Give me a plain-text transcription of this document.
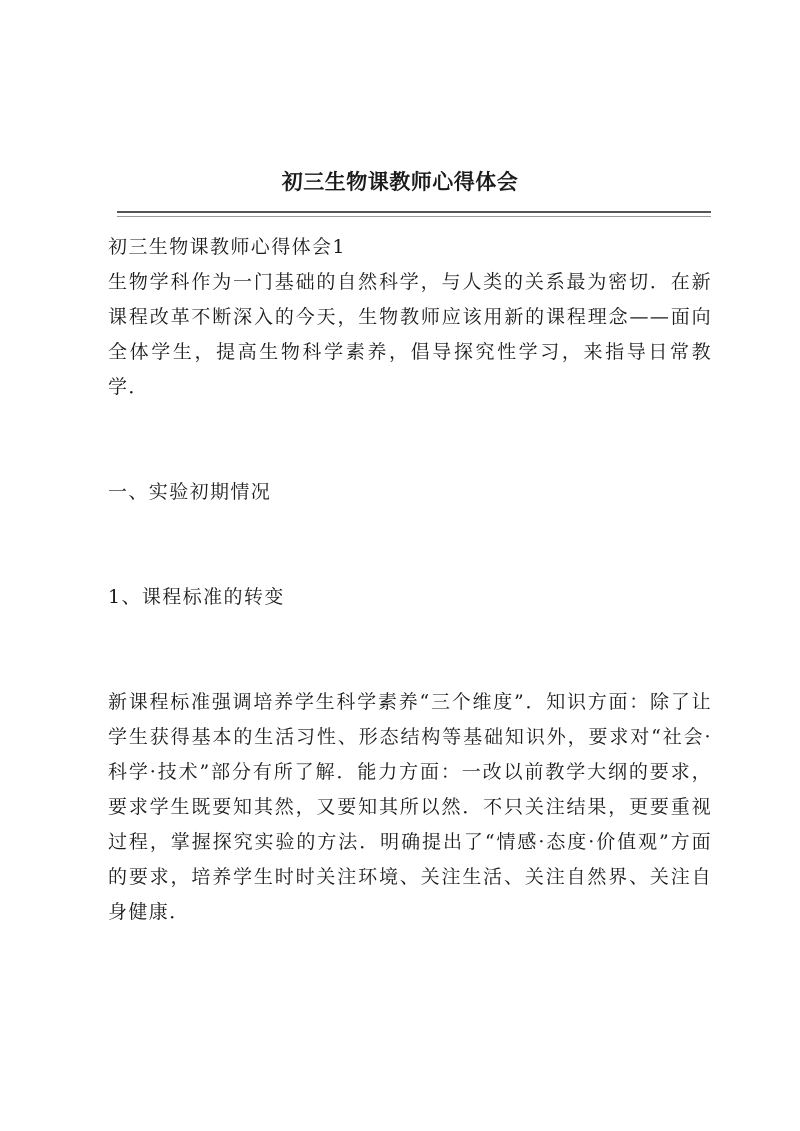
初三生物课教师心得体会

初三生物课教师心得体会1

生物学科作为一门基础的自然科学，与人类的关系最为密切．在新课程改革不断深入的今天，生物教师应该用新的课程理念——面向全体学生，提高生物科学素养，倡导探究性学习，来指导日常教学．

一、实验初期情况

1、课程标准的转变

新课程标准强调培养学生科学素养“三个维度”．知识方面：除了让学生获得基本的生活习性、形态结构等基础知识外，要求对“社会·科学·技术”部分有所了解．能力方面：一改以前教学大纲的要求，要求学生既要知其然，又要知其所以然．不只关注结果，更要重视过程，掌握探究实验的方法．明确提出了“情感·态度·价值观”方面的要求，培养学生时时关注环境、关注生活、关注自然界、关注自身健康．
